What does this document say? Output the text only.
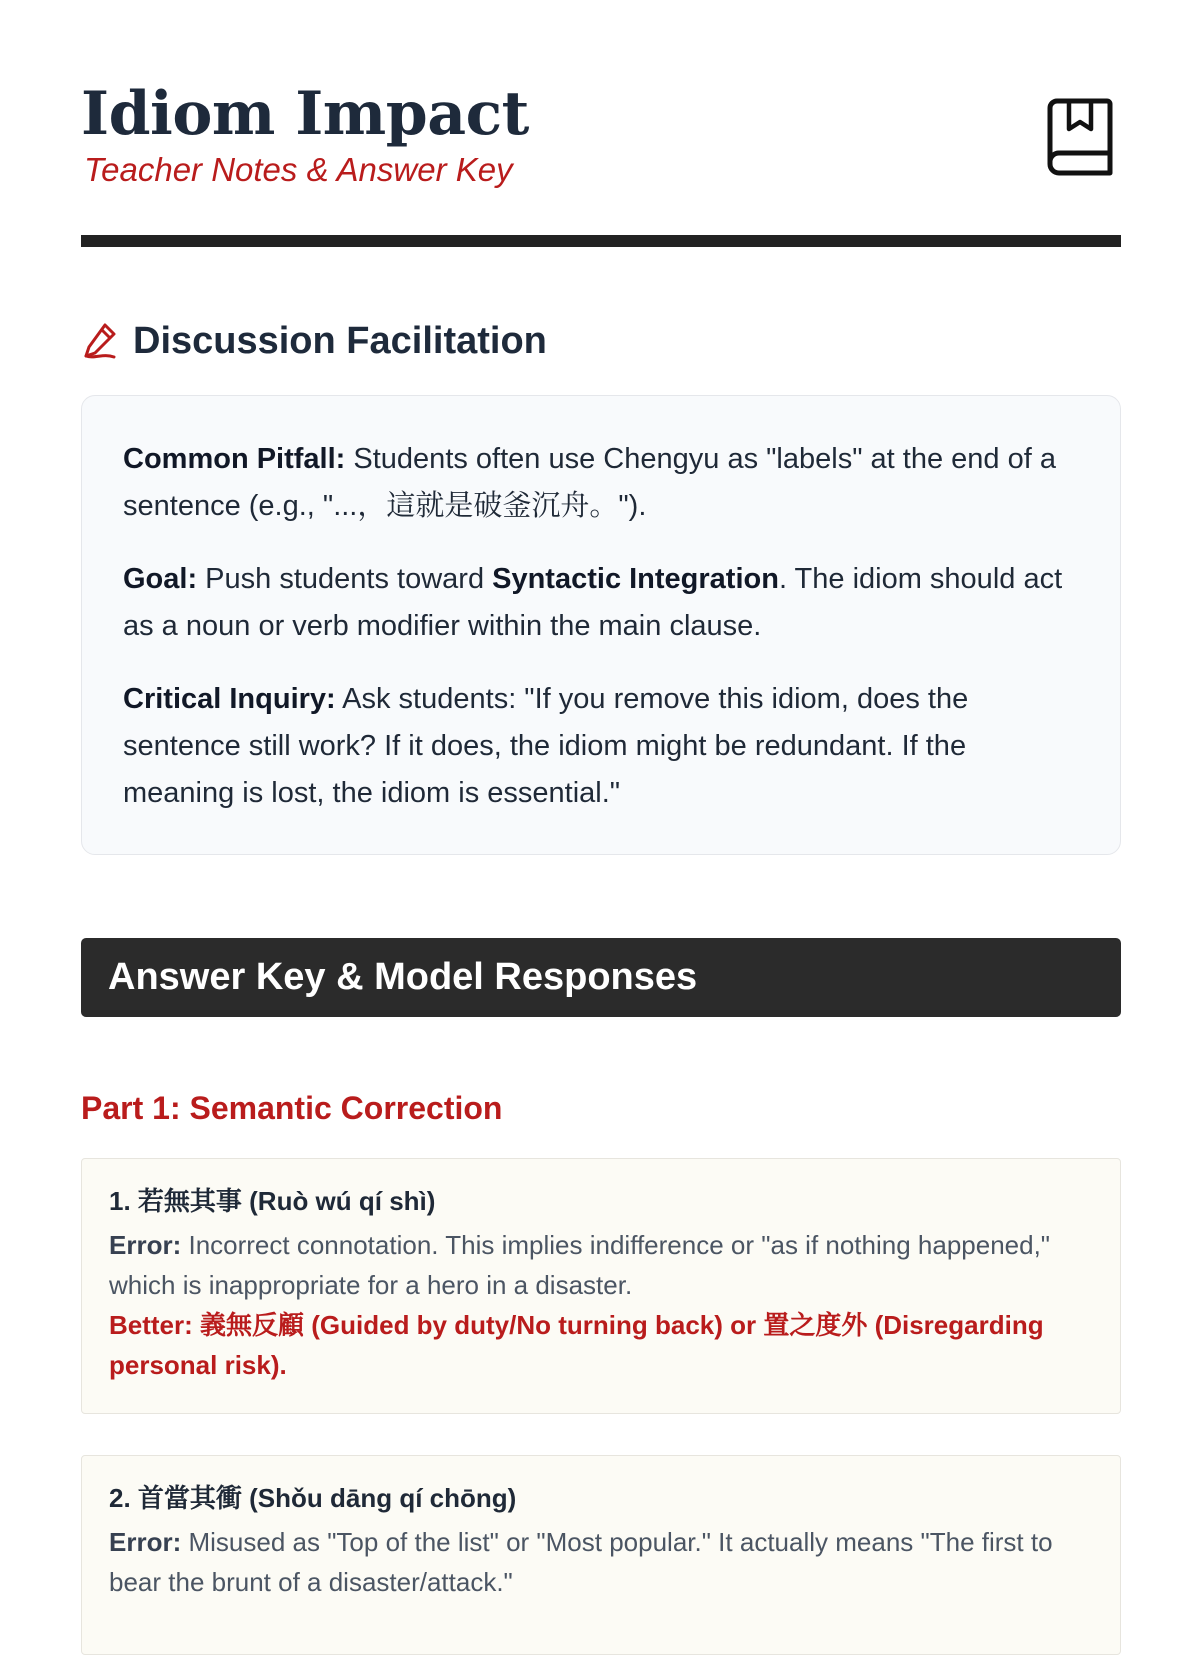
Idiom Impact

Teacher Notes & Answer Key

Discussion Facilitation

Common Pitfall: Students often use Chengyu as "labels" at the end of a sentence (e.g., "...，這就是破釜沉舟。").

Goal: Push students toward Syntactic Integration. The idiom should act as a noun or verb modifier within the main clause.

Critical Inquiry: Ask students: "If you remove this idiom, does the sentence still work? If it does, the idiom might be redundant. If the meaning is lost, the idiom is essential."

Answer Key & Model Responses
Part 1: Semantic Correction

1. 若無其事 (Ruò wú qí shì)

Error: Incorrect connotation. This implies indifference or "as if nothing happened," which is inappropriate for a hero in a disaster.

Better: 義無反顧 (Guided by duty/No turning back) or 置之度外 (Disregarding personal risk).

2. 首當其衝 (Shǒu dāng qí chōng)

Error: Misused as "Top of the list" or "Most popular." It actually means "The first to bear the brunt of a disaster/attack."
